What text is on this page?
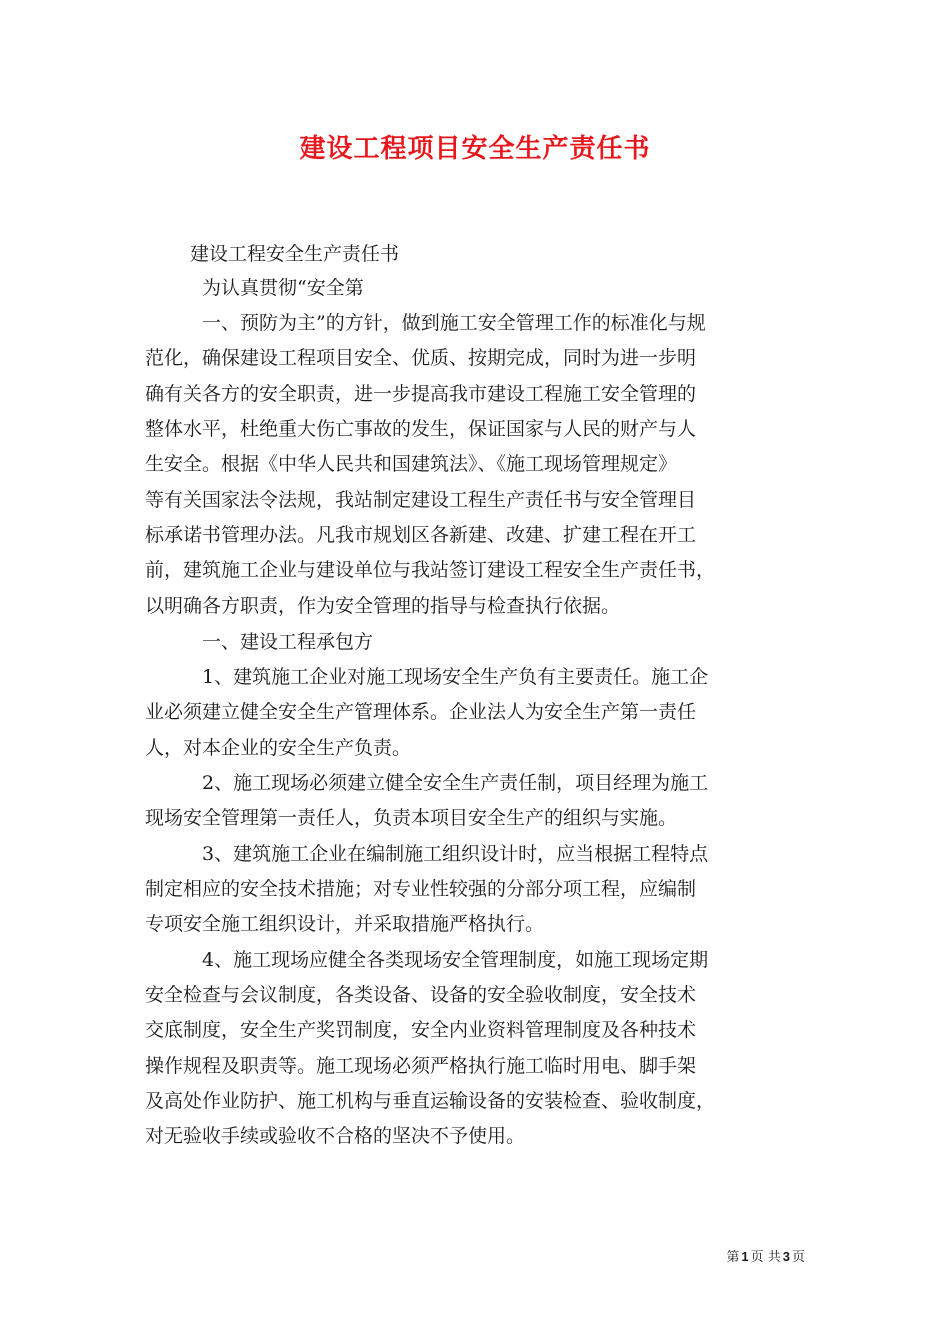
建设工程项目安全生产责任书
建设工程安全生产责任书
为认真贯彻“安全第
一、预防为主”的方针，做到施工安全管理工作的标准化与规
范化，确保建设工程项目安全、优质、按期完成，同时为进一步明
确有关各方的安全职责，进一步提高我市建设工程施工安全管理的
整体水平，杜绝重大伤亡事故的发生，保证国家与人民的财产与人
生安全。根据《中华人民共和国建筑法》、《施工现场管理规定》
等有关国家法令法规，我站制定建设工程生产责任书与安全管理目
标承诺书管理办法。凡我市规划区各新建、改建、扩建工程在开工
前，建筑施工企业与建设单位与我站签订建设工程安全生产责任书，
以明确各方职责，作为安全管理的指导与检查执行依据。
一、建设工程承包方
1、建筑施工企业对施工现场安全生产负有主要责任。施工企
业必须建立健全安全生产管理体系。企业法人为安全生产第一责任
人，对本企业的安全生产负责。
2、施工现场必须建立健全安全生产责任制，项目经理为施工
现场安全管理第一责任人，负责本项目安全生产的组织与实施。
3、建筑施工企业在编制施工组织设计时，应当根据工程特点
制定相应的安全技术措施；对专业性较强的分部分项工程，应编制
专项安全施工组织设计，并采取措施严格执行。
4、施工现场应健全各类现场安全管理制度，如施工现场定期
安全检查与会议制度，各类设备、设备的安全验收制度，安全技术
交底制度，安全生产奖罚制度，安全内业资料管理制度及各种技术
操作规程及职责等。施工现场必须严格执行施工临时用电、脚手架
及高处作业防护、施工机构与垂直运输设备的安装检查、验收制度，
对无验收手续或验收不合格的坚决不予使用。
第 1 页 共 3 页
